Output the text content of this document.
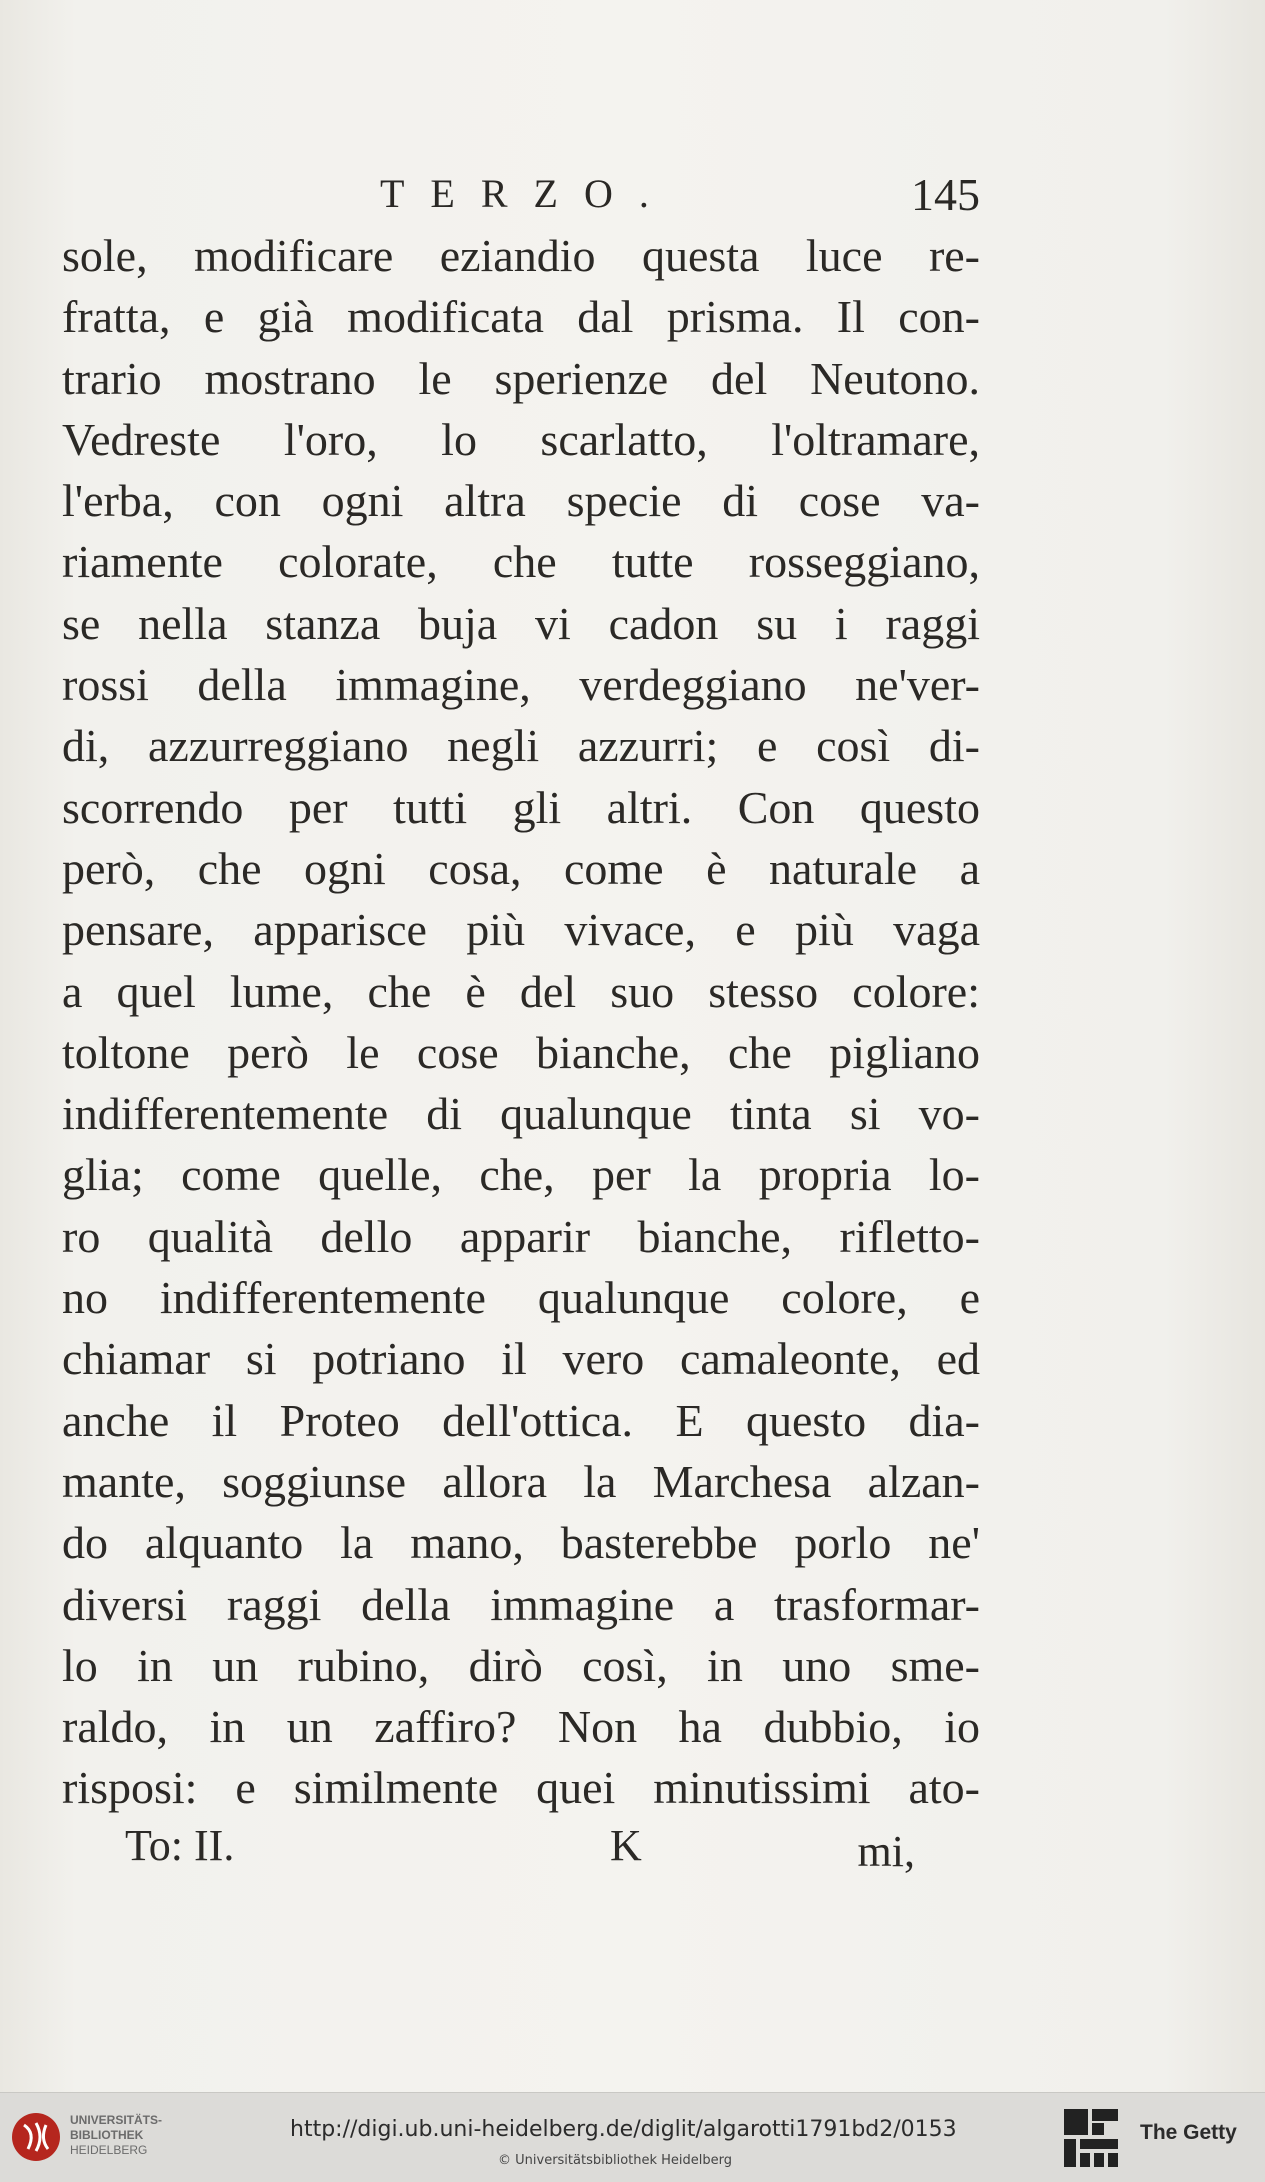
TERZO.	145
sole, modificare eziandio questa luce re-
fratta, e già modificata dal prisma. Il con-
trario mostrano le sperienze del Neutono.
Vedreste l'oro, lo scarlatto, l'oltramare,
l'erba, con ogni altra specie di cose va-
riamente colorate, che tutte rosseggiano,
se nella stanza buja vi cadon su i raggi
rossi della immagine, verdeggiano ne'ver-
di, azzurreggiano negli azzurri; e così di-
scorrendo per tutti gli altri. Con questo
però, che ogni cosa, come è naturale a
pensare, apparisce più vivace, e più vaga
a quel lume, che è del suo stesso colore:
toltone però le cose bianche, che pigliano
indifferentemente di qualunque tinta si vo-
glia; come quelle, che, per la propria lo-
ro qualità dello apparir bianche, rifletto-
no indifferentemente qualunque colore, e
chiamar si potriano il vero camaleonte, ed
anche il Proteo dell'ottica. E questo dia-
mante, soggiunse allora la Marchesa alzan-
do alquanto la mano, basterebbe porlo ne'
diversi raggi della immagine a trasformar-
lo in un rubino, dirò così, in uno sme-
raldo, in un zaffiro? Non ha dubbio, io
risposi: e similmente quei minutissimi ato-
To: II.	K	mi,
UNIVERSITÄTS-
BIBLIOTHEK
HEIDELBERG
http://digi.ub.uni-heidelberg.de/diglit/algarotti1791bd2/0153
© Universitätsbibliothek Heidelberg
The Getty
